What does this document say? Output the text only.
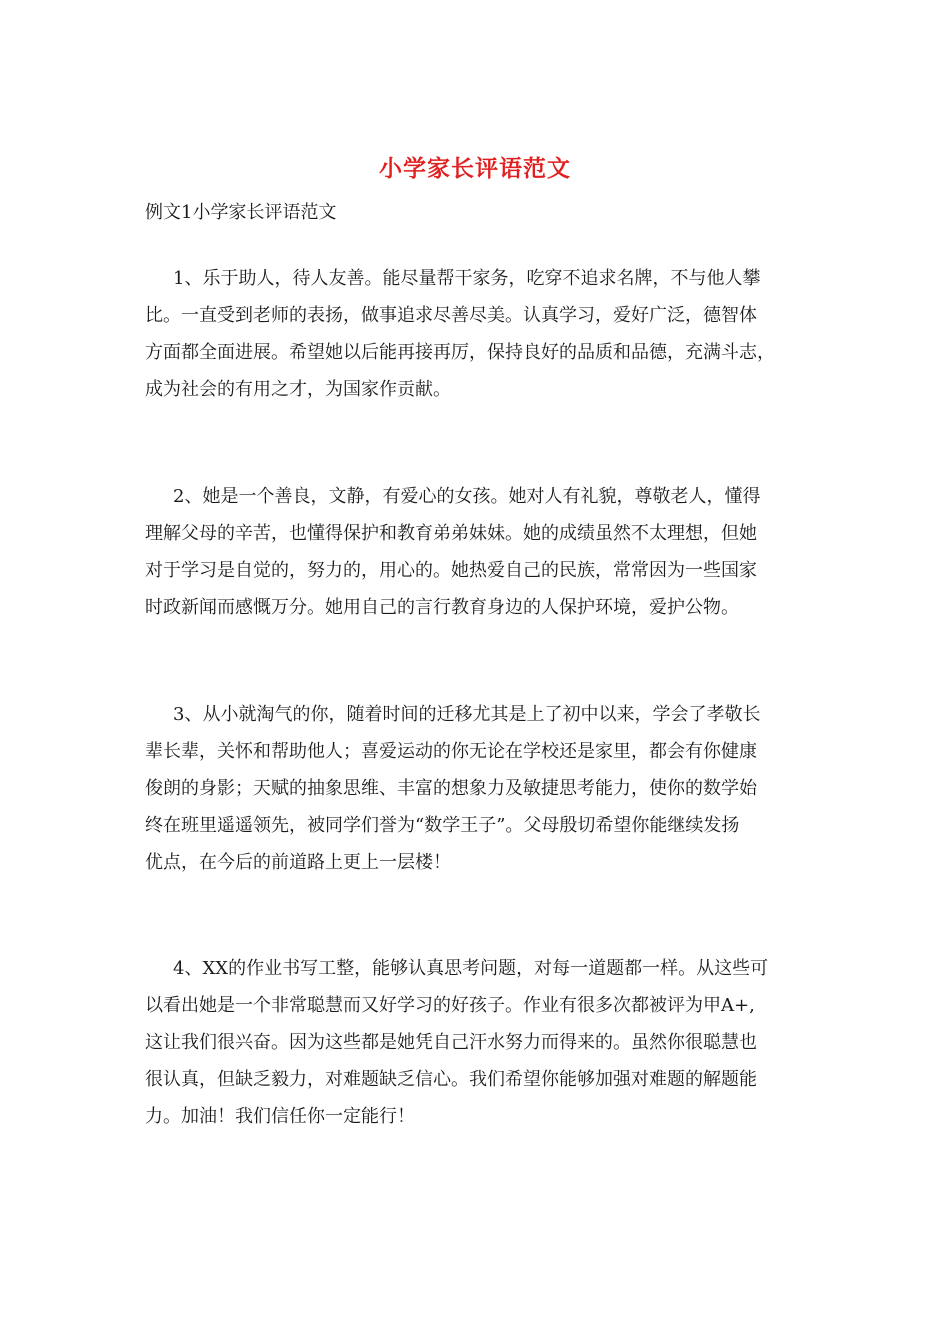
小学家长评语范文
例文1小学家长评语范文
1、乐于助人，待人友善。能尽量帮干家务，吃穿不追求名牌，不与他人攀
比。一直受到老师的表扬，做事追求尽善尽美。认真学习，爱好广泛，德智体
方面都全面进展。希望她以后能再接再厉，保持良好的品质和品德，充满斗志，
成为社会的有用之才，为国家作贡献。
2、她是一个善良，文静，有爱心的女孩。她对人有礼貌，尊敬老人，懂得
理解父母的辛苦，也懂得保护和教育弟弟妹妹。她的成绩虽然不太理想，但她
对于学习是自觉的，努力的，用心的。她热爱自己的民族，常常因为一些国家
时政新闻而感慨万分。她用自己的言行教育身边的人保护环境，爱护公物。
3、从小就淘气的你，随着时间的迁移尤其是上了初中以来，学会了孝敬长
辈长辈，关怀和帮助他人；喜爱运动的你无论在学校还是家里，都会有你健康
俊朗的身影；天赋的抽象思维、丰富的想象力及敏捷思考能力，使你的数学始
终在班里遥遥领先，被同学们誉为“数学王子”。父母殷切希望你能继续发扬
优点，在今后的前道路上更上一层楼！
4、XX的作业书写工整，能够认真思考问题，对每一道题都一样。从这些可
以看出她是一个非常聪慧而又好学习的好孩子。作业有很多次都被评为甲A+,
这让我们很兴奋。因为这些都是她凭自己汗水努力而得来的。虽然你很聪慧也
很认真，但缺乏毅力，对难题缺乏信心。我们希望你能够加强对难题的解题能
力。加油！我们信任你一定能行！
